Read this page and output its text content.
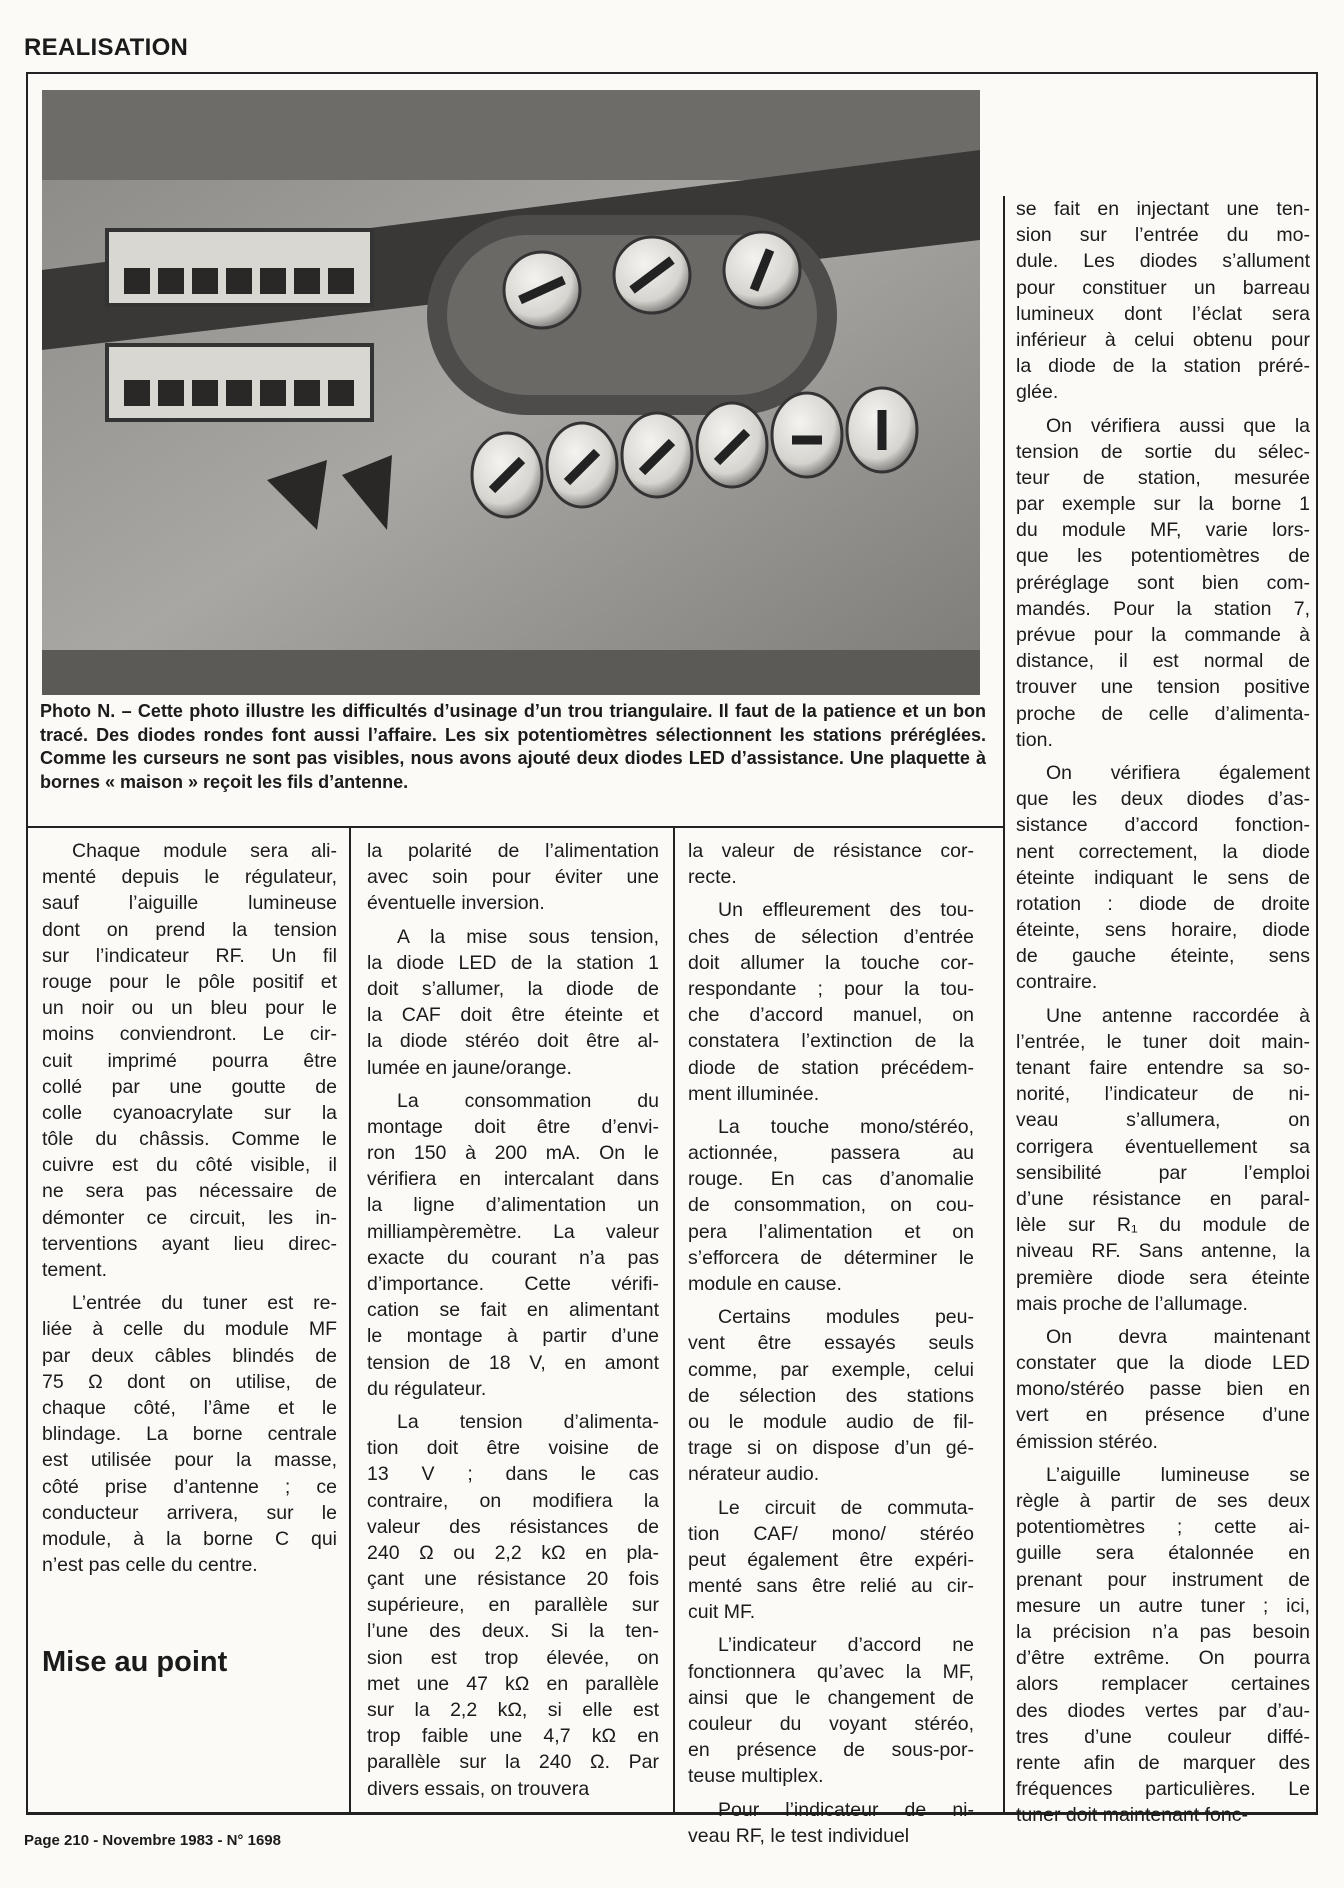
REALISATION
Photo N. – Cette photo illustre les difficultés d’usinage d’un trou triangulaire. Il faut de la patience et un bon tracé. Des diodes rondes font aussi l’affaire. Les six potentiomètres sélectionnent les stations préréglées. Comme les curseurs ne sont pas visibles, nous avons ajouté deux diodes LED d’assistance. Une plaquette à bornes « maison » reçoit les fils d’antenne.
Chaque module sera ali-
menté depuis le régulateur,
sauf l’aiguille lumineuse
dont on prend la tension
sur l’indicateur RF. Un fil
rouge pour le pôle positif et
un noir ou un bleu pour le
moins conviendront. Le cir-
cuit imprimé pourra être
collé par une goutte de
colle cyanoacrylate sur la
tôle du châssis. Comme le
cuivre est du côté visible, il
ne sera pas nécessaire de
démonter ce circuit, les in-
terventions ayant lieu direc-
tement.
L’entrée du tuner est re-
liée à celle du module MF
par deux câbles blindés de
75 Ω dont on utilise, de
chaque côté, l’âme et le
blindage. La borne centrale
est utilisée pour la masse,
côté prise d’antenne ; ce
conducteur arrivera, sur le
module, à la borne C qui
n’est pas celle du centre.
la polarité de l’alimentation
avec soin pour éviter une
éventuelle inversion.
A la mise sous tension,
la diode LED de la station 1
doit s’allumer, la diode de
la CAF doit être éteinte et
la diode stéréo doit être al-
lumée en jaune/orange.
La consommation du
montage doit être d’envi-
ron 150 à 200 mA. On le
vérifiera en intercalant dans
la ligne d’alimentation un
milliampèremètre. La valeur
exacte du courant n’a pas
d’importance. Cette vérifi-
cation se fait en alimentant
le montage à partir d’une
tension de 18 V, en amont
du régulateur.
La tension d’alimenta-
tion doit être voisine de
13 V ; dans le cas
contraire, on modifiera la
valeur des résistances de
240 Ω ou 2,2 kΩ en pla-
çant une résistance 20 fois
supérieure, en parallèle sur
l’une des deux. Si la ten-
sion est trop élevée, on
met une 47 kΩ en parallèle
sur la 2,2 kΩ, si elle est
trop faible une 4,7 kΩ en
parallèle sur la 240 Ω. Par
divers essais, on trouvera
la valeur de résistance cor-
recte.
Un effleurement des tou-
ches de sélection d’entrée
doit allumer la touche cor-
respondante ; pour la tou-
che d’accord manuel, on
constatera l’extinction de la
diode de station précédem-
ment illuminée.
La touche mono/stéréo,
actionnée, passera au
rouge. En cas d’anomalie
de consommation, on cou-
pera l’alimentation et on
s’efforcera de déterminer le
module en cause.
Certains modules peu-
vent être essayés seuls
comme, par exemple, celui
de sélection des stations
ou le module audio de fil-
trage si on dispose d’un gé-
nérateur audio.
Le circuit de commuta-
tion CAF/ mono/ stéréo
peut également être expéri-
menté sans être relié au cir-
cuit MF.
L’indicateur d’accord ne
fonctionnera qu’avec la MF,
ainsi que le changement de
couleur du voyant stéréo,
en présence de sous-por-
teuse multiplex.
Pour l’indicateur de ni-
veau RF, le test individuel
se fait en injectant une ten-
sion sur l’entrée du mo-
dule. Les diodes s’allument
pour constituer un barreau
lumineux dont l’éclat sera
inférieur à celui obtenu pour
la diode de la station préré-
glée.
On vérifiera aussi que la
tension de sortie du sélec-
teur de station, mesurée
par exemple sur la borne 1
du module MF, varie lors-
que les potentiomètres de
préréglage sont bien com-
mandés. Pour la station 7,
prévue pour la commande à
distance, il est normal de
trouver une tension positive
proche de celle d’alimenta-
tion.
On vérifiera également
que les deux diodes d’as-
sistance d’accord fonction-
nent correctement, la diode
éteinte indiquant le sens de
rotation : diode de droite
éteinte, sens horaire, diode
de gauche éteinte, sens
contraire.
Une antenne raccordée à
l’entrée, le tuner doit main-
tenant faire entendre sa so-
norité, l’indicateur de ni-
veau s’allumera, on
corrigera éventuellement sa
sensibilité par l’emploi
d’une résistance en paral-
lèle sur R₁ du module de
niveau RF. Sans antenne, la
première diode sera éteinte
mais proche de l’allumage.
On devra maintenant
constater que la diode LED
mono/stéréo passe bien en
vert en présence d’une
émission stéréo.
L’aiguille lumineuse se
règle à partir de ses deux
potentiomètres ; cette ai-
guille sera étalonnée en
prenant pour instrument de
mesure un autre tuner ; ici,
la précision n’a pas besoin
d’être extrême. On pourra
alors remplacer certaines
des diodes vertes par d’au-
tres d’une couleur diffé-
rente afin de marquer des
fréquences particulières. Le
tuner doit maintenant fonc-
Mise au point
Page 210 - Novembre 1983 - N° 1698
